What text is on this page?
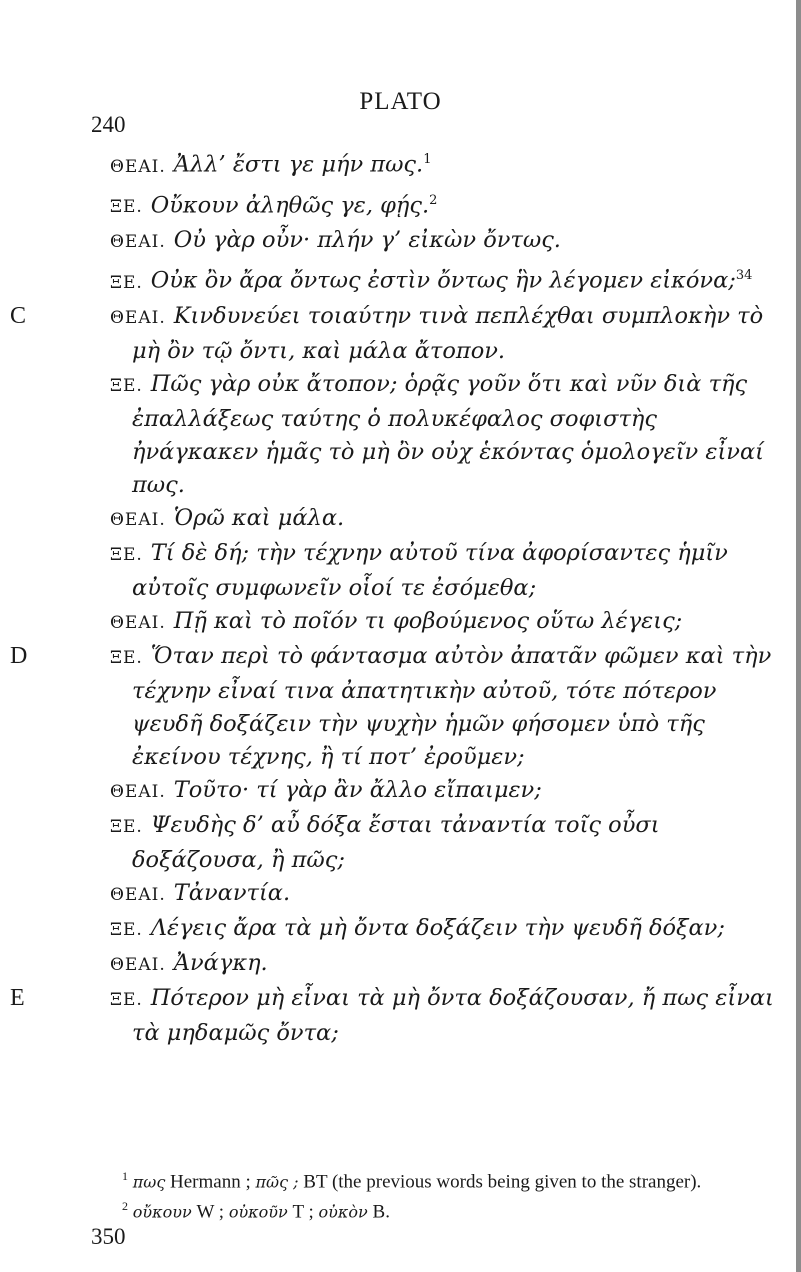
PLATO
240

ΘΕΑΙ. Ἀλλ’ ἔστι γε μήν πως.$^1$

ΞΕ. Οὔκουν ἀληθῶς γε, φῄς.$^2$

ΘΕΑΙ. Οὐ γὰρ οὖν· πλήν γ’ εἰκὼν ὄντως.

ΞΕ. Οὐκ ὂν ἄρα ὄντως ἐστὶν ὄντως ἣν λέγομεν εἰκόνα;$^{34}$

C	ΘΕΑΙ. Κινδυνεύει τοιαύτην τινὰ πεπλέχθαι συμπλοκὴν τὸ μὴ ὂν τῷ ὄντι, καὶ μάλα ἄτοπον.

ΞΕ. Πῶς γὰρ οὐκ ἄτοπον; ὁρᾷς γοῦν ὅτι καὶ νῦν διὰ τῆς ἐπαλλάξεως ταύτης ὁ πολυκέφαλος σοφιστὴς ἠνάγκακεν ἡμᾶς τὸ μὴ ὂν οὐχ ἑκόντας ὁμολογεῖν εἶναί πως.

ΘΕΑΙ. Ὁρῶ καὶ μάλα.

ΞΕ. Τί δὲ δή; τὴν τέχνην αὐτοῦ τίνα ἀφορίσαντες ἡμῖν αὐτοῖς συμφωνεῖν οἷοί τε ἐσόμεθα;

ΘΕΑΙ. Πῇ καὶ τὸ ποῖόν τι φοβούμενος οὕτω λέγεις;

D	ΞΕ. Ὅταν περὶ τὸ φάντασμα αὐτὸν ἀπατᾶν φῶμεν καὶ τὴν τέχνην εἶναί τινα ἀπατητικὴν αὐτοῦ, τότε πότερον ψευδῆ δοξάζειν τὴν ψυχὴν ἡμῶν φήσομεν ὑπὸ τῆς ἐκείνου τέχνης, ἢ τί ποτ’ ἐροῦμεν;

ΘΕΑΙ. Τοῦτο· τί γὰρ ἂν ἄλλο εἴπαιμεν;

ΞΕ. Ψευδὴς δ’ αὖ δόξα ἔσται τἀναντία τοῖς οὖσι δοξάζουσα, ἢ πῶς;

ΘΕΑΙ. Τἀναντία.

ΞΕ. Λέγεις ἄρα τὰ μὴ ὄντα δοξάζειν τὴν ψευδῆ δόξαν;

ΘΕΑΙ. Ἀνάγκη.

E	ΞΕ. Πότερον μὴ εἶναι τὰ μὴ ὄντα δοξάζουσαν, ἤ πως εἶναι τὰ μηδαμῶς ὄντα;

$^1$ πως Hermann ; πῶς ; BT (the previous words being given to the stranger).

$^2$ οὔκουν W ; οὐκοῦν T ; οὐκὸν B.

350
